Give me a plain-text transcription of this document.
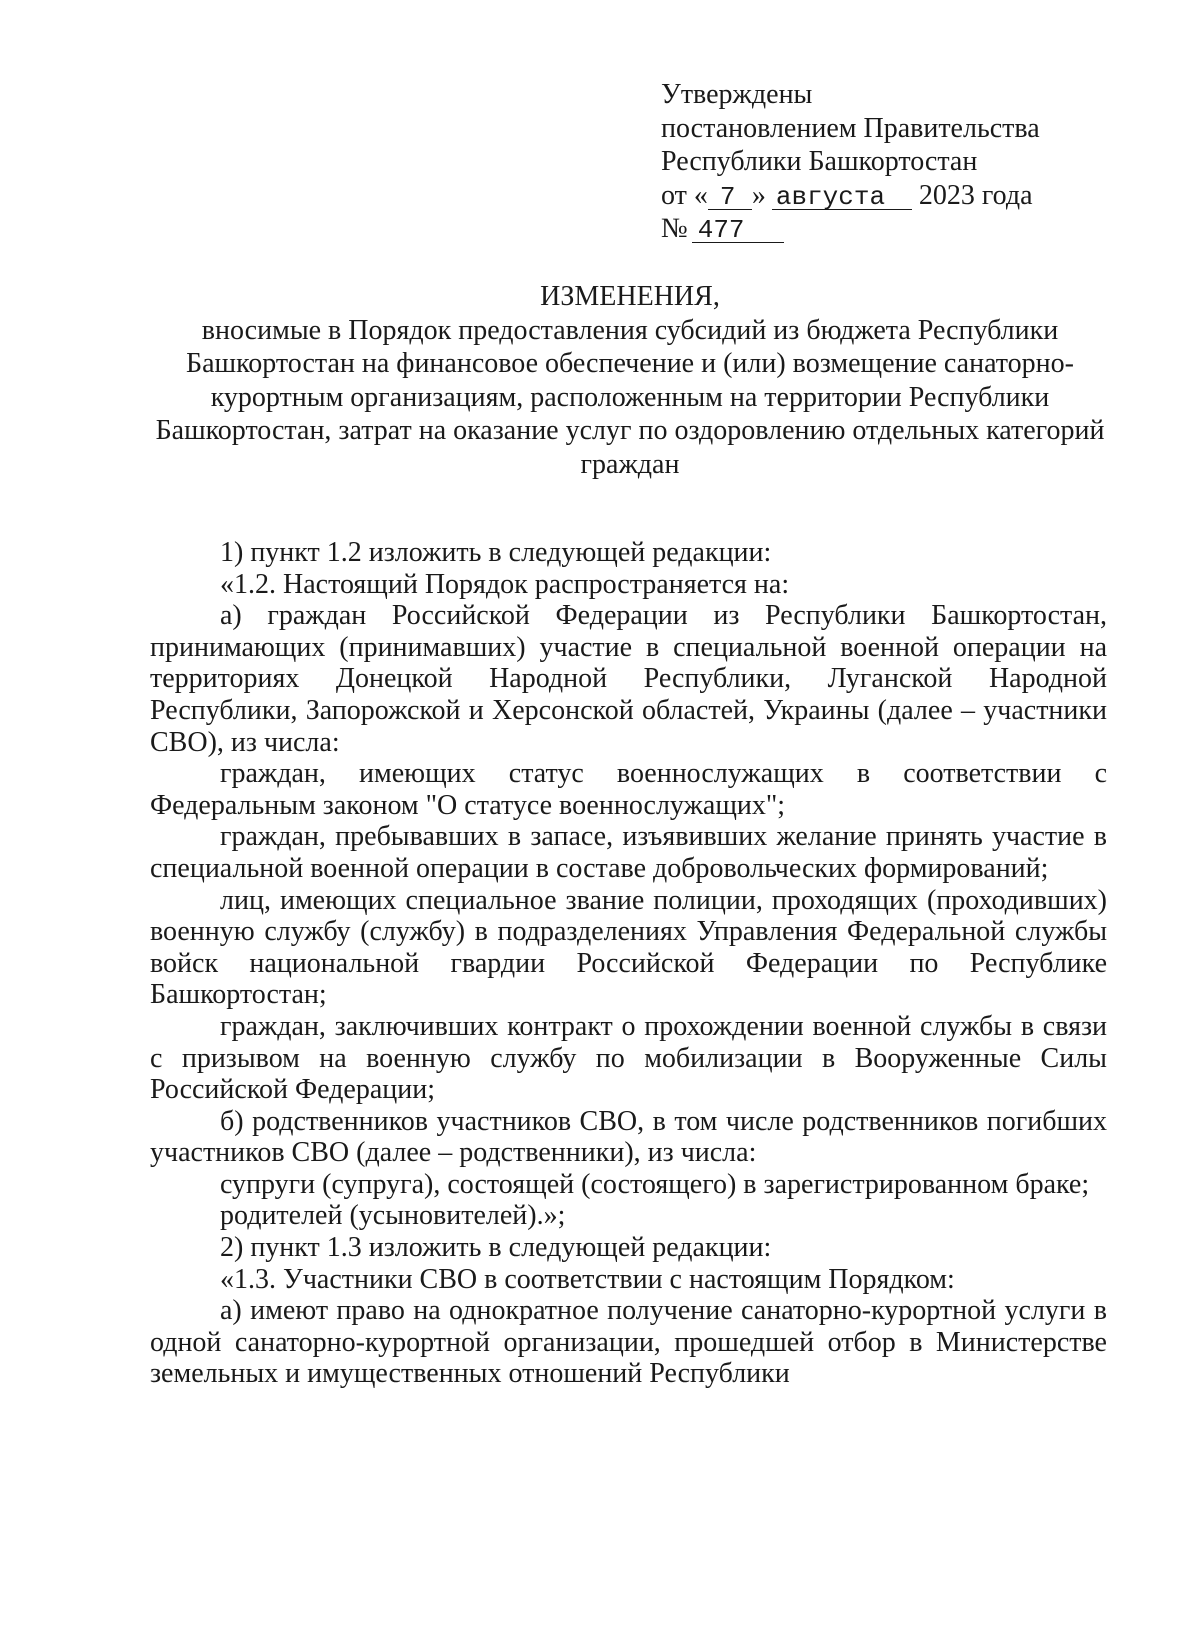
Утверждены
постановлением Правительства
Республики Башкортостан
от « 7 » августа 2023 года
№ 477
ИЗМЕНЕНИЯ,
вносимые в Порядок предоставления субсидий из бюджета Республики Башкортостан на финансовое обеспечение и (или) возмещение санаторно-курортным организациям, расположенным на территории Республики Башкортостан, затрат на оказание услуг по оздоровлению отдельных категорий граждан

1) пункт 1.2 изложить в следующей редакции:

«1.2. Настоящий Порядок распространяется на:

а) граждан Российской Федерации из Республики Башкортостан, принимающих (принимавших) участие в специальной военной операции на территориях Донецкой Народной Республики, Луганской Народной Республики, Запорожской и Херсонской областей, Украины (далее – участники СВО), из числа:

граждан, имеющих статус военнослужащих в соответствии с Федеральным законом "О статусе военнослужащих";

граждан, пребывавших в запасе, изъявивших желание принять участие в специальной военной операции в составе добровольческих формирований;

лиц, имеющих специальное звание полиции, проходящих (проходивших) военную службу (службу) в подразделениях Управления Федеральной службы войск национальной гвардии Российской Федерации по Республике Башкортостан;

граждан, заключивших контракт о прохождении военной службы в связи с призывом на военную службу по мобилизации в Вооруженные Силы Российской Федерации;

б) родственников участников СВО, в том числе родственников погибших участников СВО (далее – родственники), из числа:

супруги (супруга), состоящей (состоящего) в зарегистрированном браке;

родителей (усыновителей).»;

2) пункт 1.3 изложить в следующей редакции:

«1.3. Участники СВО в соответствии с настоящим Порядком:

а) имеют право на однократное получение санаторно-курортной услуги в одной санаторно-курортной организации, прошедшей отбор в Министерстве земельных и имущественных отношений Республики
